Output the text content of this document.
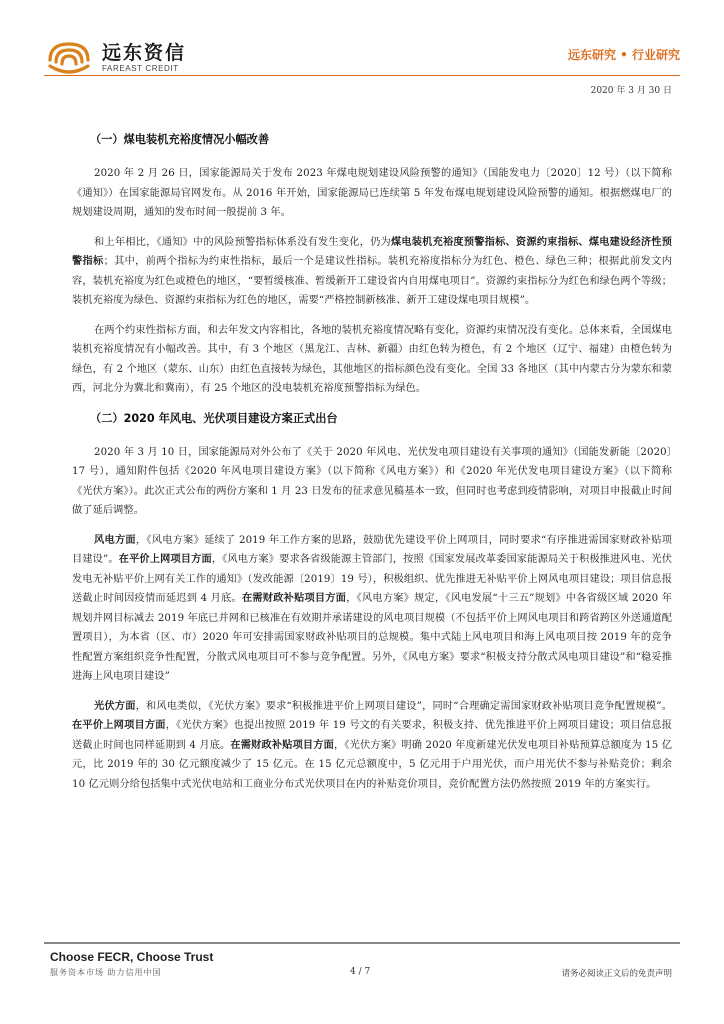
远东资信
FAREAST CREDIT
远东研究 • 行业研究
2020 年 3 月 30 日
（一）煤电装机充裕度情况小幅改善

2020 年 2 月 26 日，国家能源局关于发布 2023 年煤电规划建设风险预警的通知》（国能发电力〔2020〕12 号）（以下简称《通知》）在国家能源局官网发布。从 2016 年开始，国家能源局已连续第 5 年发布煤电规划建设风险预警的通知。根据燃煤电厂的规划建设周期，通知的发布时间一般提前 3 年。

和上年相比，《通知》中的风险预警指标体系没有发生变化，仍为煤电装机充裕度预警指标、资源约束指标、煤电建设经济性预警指标；其中，前两个指标为约束性指标，最后一个是建议性指标。装机充裕度指标分为红色、橙色、绿色三种；根据此前发文内容，装机充裕度为红色或橙色的地区，“要暂缓核准、暂缓新开工建设省内自用煤电项目”。资源约束指标分为红色和绿色两个等级；装机充裕度为绿色、资源约束指标为红色的地区，需要“严格控制新核准、新开工建设煤电项目规模”。

在两个约束性指标方面，和去年发文内容相比，各地的装机充裕度情况略有变化，资源约束情况没有变化。总体来看，全国煤电装机充裕度情况有小幅改善。其中，有 3 个地区（黑龙江、吉林、新疆）由红色转为橙色，有 2 个地区（辽宁、福建）由橙色转为绿色，有 2 个地区（蒙东、山东）由红色直接转为绿色，其他地区的指标颜色没有变化。全国 33 各地区（其中内蒙古分为蒙东和蒙西，河北分为冀北和冀南），有 25 个地区的没电装机充裕度预警指标为绿色。

（二）2020 年风电、光伏项目建设方案正式出台

2020 年 3 月 10 日，国家能源局对外公布了《关于 2020 年风电、光伏发电项目建设有关事项的通知》（国能发新能〔2020〕17 号），通知附件包括《2020 年风电项目建设方案》（以下简称《风电方案》）和《2020 年光伏发电项目建设方案》（以下简称《光伏方案》）。此次正式公布的两份方案和 1 月 23 日发布的征求意见稿基本一致，但同时也考虑到疫情影响，对项目申报截止时间做了延后调整。

风电方面，《风电方案》延续了 2019 年工作方案的思路，鼓励优先建设平价上网项目，同时要求“有序推进需国家财政补贴项目建设”。在平价上网项目方面，《风电方案》要求各省级能源主管部门，按照《国家发展改革委国家能源局关于积极推进风电、光伏发电无补贴平价上网有关工作的通知》（发改能源〔2019〕19 号），积极组织、优先推进无补贴平价上网风电项目建设；项目信息报送截止时间因疫情而延迟到 4 月底。在需财政补贴项目方面，《风电方案》规定，《风电发展“十三五”规划》中各省级区域 2020 年规划并网目标减去 2019 年底已并网和已核准在有效期并承诺建设的风电项目规模（不包括平价上网风电项目和跨省跨区外送通道配置项目），为本省（区、市）2020 年可安排需国家财政补贴项目的总规模。集中式陆上风电项目和海上风电项目按 2019 年的竞争性配置方案组织竞争性配置，分散式风电项目可不参与竞争配置。另外，《风电方案》要求“积极支持分散式风电项目建设”和“稳妥推进海上风电项目建设”

光伏方面，和风电类似，《光伏方案》要求“积极推进平价上网项目建设”，同时“合理确定需国家财政补贴项目竞争配置规模”。在平价上网项目方面，《光伏方案》也提出按照 2019 年 19 号文的有关要求，积极支持、优先推进平价上网项目建设；项目信息报送截止时间也同样延期到 4 月底。在需财政补贴项目方面，《光伏方案》明确 2020 年度新建光伏发电项目补贴预算总额度为 15 亿元，比 2019 年的 30 亿元额度减少了 15 亿元。在 15 亿元总额度中，5 亿元用于户用光伏，而户用光伏不参与补贴竞价；剩余 10 亿元则分给包括集中式光伏电站和工商业分布式光伏项目在内的补贴竞价项目，竞价配置方法仍然按照 2019 年的方案实行。

Choose FECR, Choose Trust
服务资本市场 助力信用中国	4 / 7	请务必阅读正文后的免责声明
